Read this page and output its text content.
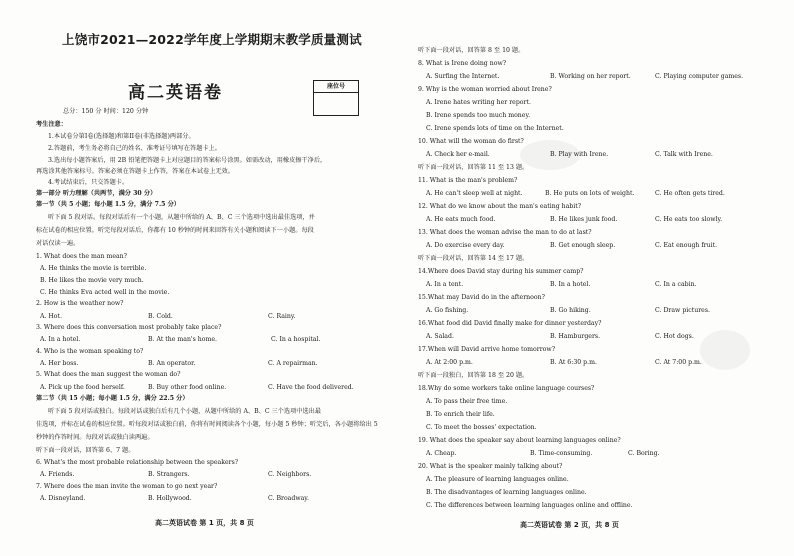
上饶市2021—2022学年度上学期期末教学质量测试
高二英语卷	座位号
总分：150 分 时间：120 分钟
考生注意：
1.本试卷分第I卷(选择题)和第II卷(非选择题)两部分。
2.答题前，考生务必将自己的姓名、准考证号填写在答题卡上。
3.选出每小题答案后，用 2B 铅笔把答题卡上对应题目的答案标号涂黑。如需改动，用橡皮擦干净后，
再选涂其他答案标号。答案必须在答题卡上作答，答案在本试卷上无效。
4.考试结束后，只交答题卡。
第一部分 听力理解（共两节，满分 30 分）
第一节（共 5 小题；每小题 1.5 分，满分 7.5 分）
听下面 5 段对话。每段对话后有一个小题，从题中所给的 A、B、C 三个选项中选出最佳选项，并
标在试卷的相应位置。听完每段对话后，你都有 10 秒钟的时间来回答有关小题和阅读下一小题。每段
对话仅读一遍。
1. What does the man mean?
A. He thinks the movie is terrible.
B. He likes the movie very much.
C. He thinks Eva acted well in the movie.
2. How is the weather now?
A. Hot.	B. Cold.	C. Rainy.
3. Where does this conversation most probably take place?
A. In a hotel.	B. At the man's home.	C. In a hospital.
4. Who is the woman speaking to?
A. Her boss.	B. An operator.	C. A repairman.
5. What does the man suggest the woman do?
A. Pick up the food herself.	B. Buy other food online.	C. Have the food delivered.
第二节（共 15 小题；每小题 1.5 分，满分 22.5 分）
听下面 5 段对话或独白。每段对话或独白后有几个小题，从题中所给的 A、B、C 三个选项中选出最
佳选项，并标在试卷的相应位置。听每段对话或独白前，你将有时间阅读各个小题，每小题 5 秒钟；听完后，各小题将给出 5
秒钟的作答时间。每段对话或独白读两遍。
听下面一段对话，回答第 6、7 题。
6. What's the most probable relationship between the speakers?
A. Friends.	B. Strangers.	C. Neighbors.
7. Where does the man invite the woman to go next year?
A. Disneyland.	B. Hollywood.	C. Broadway.
高二英语试卷 第 1 页，共 8 页
听下面一段对话，回答第 8 至 10 题。
8. What is Irene doing now?
A. Surfing the Internet.	B. Working on her report.	C. Playing computer games.
9. Why is the woman worried about Irene?
A. Irene hates writing her report.
B. Irene spends too much money.
C. Irene spends lots of time on the Internet.
10. What will the woman do first?
A. Check her e-mail.	B. Play with Irene.	C. Talk with Irene.
听下面一段对话，回答第 11 至 13 题。
11. What is the man's problem?
A. He can't sleep well at night.	B. He puts on lots of weight.	C. He often gets tired.
12. What do we know about the man's eating habit?
A. He eats much food.	B. He likes junk food.	C. He eats too slowly.
13. What does the woman advise the man to do at last?
A. Do exercise every day.	B. Get enough sleep.	C. Eat enough fruit.
听下面一段对话，回答第 14 至 17 题。
14.Where does David stay during his summer camp?
A. In a tent.	B. In a hotel.	C. In a cabin.
15.What may David do in the afternoon?
A. Go fishing.	B. Go hiking.	C. Draw pictures.
16.What food did David finally make for dinner yesterday?
A. Salad.	B. Hamburgers.	C. Hot dogs.
17.When will David arrive home tomorrow?
A. At 2:00 p.m.	B. At 6:30 p.m.	C. At 7:00 p.m.
听下面一段独白，回答第 18 至 20 题。
18.Why do some workers take online language courses?
A. To pass their free time.
B. To enrich their life.
C. To meet the bosses' expectation.
19. What does the speaker say about learning languages online?
A. Cheap.	B. Time-consuming.	C. Boring.
20. What is the speaker mainly talking about?
A. The pleasure of learning languages online.
B. The disadvantages of learning languages online.
C. The differences between learning languages online and offline.
高二英语试卷 第 2 页，共 8 页
